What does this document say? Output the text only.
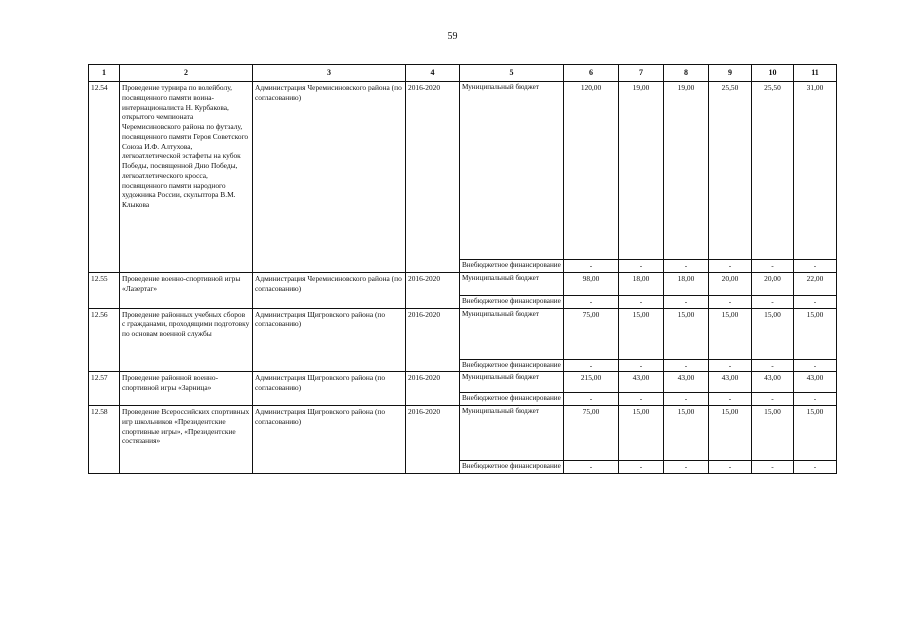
59
1	2	3	4	5	6	7	8	9	10	11
12.54	Проведение турнира по волейболу, посвященного памяти воина-интернационалиста Н. Курбакова, открытого чемпионата Черемисиновского района по футзалу, посвященного памяти Героя Советского Союза И.Ф. Алтухова, легкоатлетической эстафеты на кубок Победы, посвященной Дню Победы, легкоатлетического кросса, посвященного памяти народного художника России, скульптора В.М. Клыкова	Администрация Черемисиновского района (по согласованию)	2016-2020	Муниципальный бюджет	120,00	19,00	19,00	25,50	25,50	31,00
				Внебюджетное финансирование	-	-	-	-	-	-
12.55	Проведение военно-спортивной игры «Лазертаг»	Администрация Черемисиновского района (по согласованию)	2016-2020	Муниципальный бюджет	98,00	18,00	18,00	20,00	20,00	22,00
				Внебюджетное финансирование	-	-	-	-	-	-
12.56	Проведение районных учебных сборов с гражданами, проходящими подготовку по основам военной службы	Администрация Щигровского района (по согласованию)	2016-2020	Муниципальный бюджет	75,00	15,00	15,00	15,00	15,00	15,00
				Внебюджетное финансирование	-	-	-	-	-	-
12.57	Проведение районной военно-спортивной игры «Зарница»	Администрация Щигровского района (по согласованию)	2016-2020	Муниципальный бюджет	215,00	43,00	43,00	43,00	43,00	43,00
				Внебюджетное финансирование	-	-	-	-	-	-
12.58	Проведение Всероссийских спортивных игр школьников «Президентские спортивные игры», «Президентские состязания»	Администрация Щигровского района (по согласованию)	2016-2020	Муниципальный бюджет	75,00	15,00	15,00	15,00	15,00	15,00
				Внебюджетное финансирование	-	-	-	-	-	-
